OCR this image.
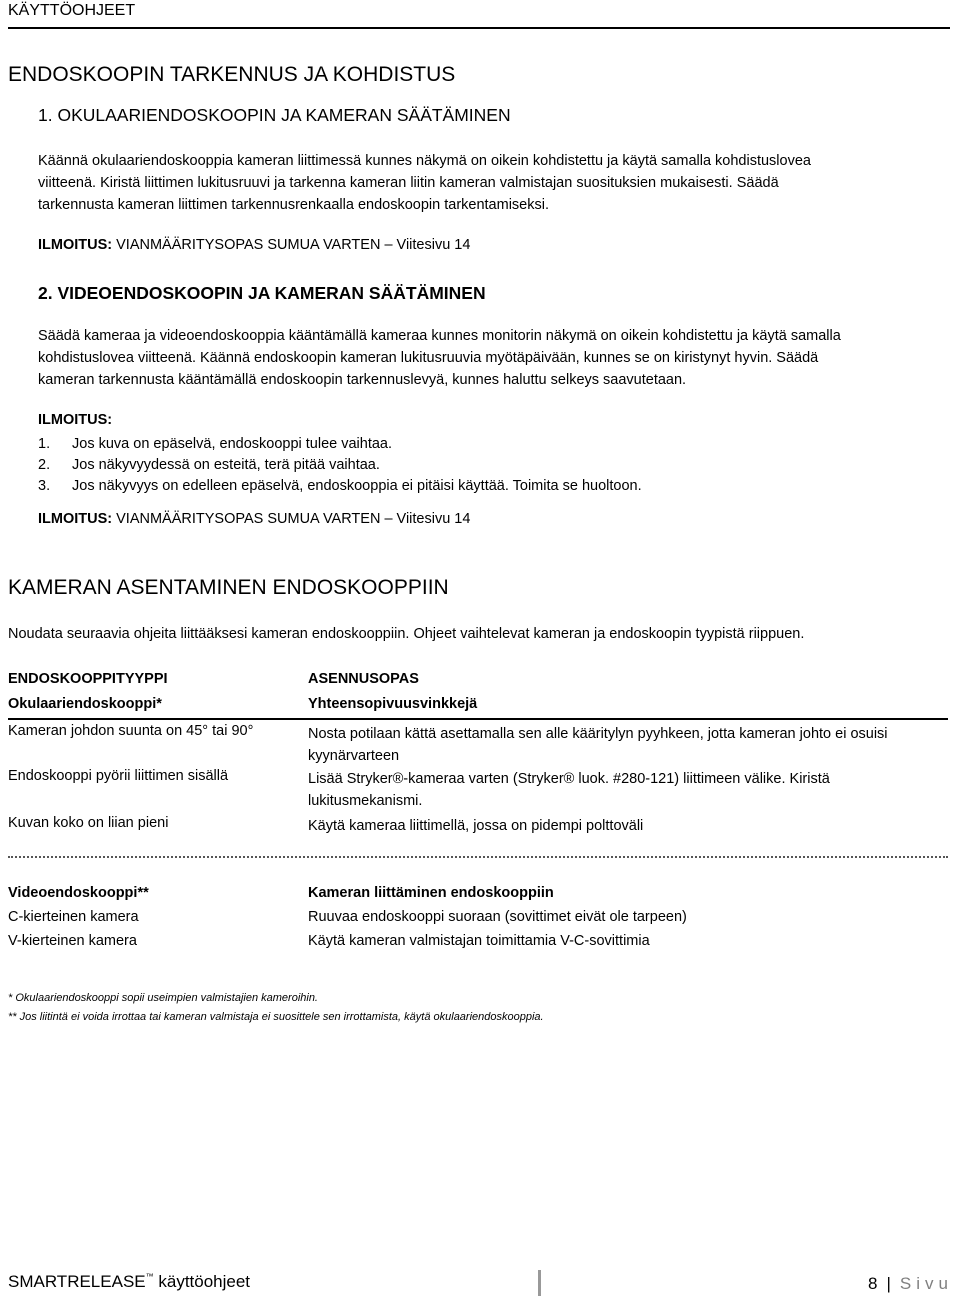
KÄYTTÖOHJEET
ENDOSKOOPIN TARKENNUS JA KOHDISTUS
1. OKULAARIENDOSKOOPIN JA KAMERAN SÄÄTÄMINEN
Käännä okulaariendoskooppia kameran liittimessä kunnes näkymä on oikein kohdistettu ja käytä samalla kohdistuslovea
viitteenä. Kiristä liittimen lukitusruuvi ja tarkenna kameran liitin kameran valmistajan suosituksien mukaisesti. Säädä
tarkennusta kameran liittimen tarkennusrenkaalla endoskoopin tarkentamiseksi.
ILMOITUS: VIANMÄÄRITYSOPAS SUMUA VARTEN – Viitesivu 14
2. VIDEOENDOSKOOPIN JA KAMERAN SÄÄTÄMINEN
Säädä kameraa ja videoendoskooppia kääntämällä kameraa kunnes monitorin näkymä on oikein kohdistettu ja käytä samalla
kohdistuslovea viitteenä. Käännä endoskoopin kameran lukitusruuvia myötäpäivään, kunnes se on kiristynyt hyvin. Säädä
kameran tarkennusta kääntämällä endoskoopin tarkennuslevyä, kunnes haluttu selkeys saavutetaan.
ILMOITUS:
1. Jos kuva on epäselvä, endoskooppi tulee vaihtaa.
2. Jos näkyvyydessä on esteitä, terä pitää vaihtaa.
3. Jos näkyvyys on edelleen epäselvä, endoskooppia ei pitäisi käyttää. Toimita se huoltoon.
ILMOITUS: VIANMÄÄRITYSOPAS SUMUA VARTEN – Viitesivu 14
KAMERAN ASENTAMINEN ENDOSKOOPPIIN
Noudata seuraavia ohjeita liittääksesi kameran endoskooppiin. Ohjeet vaihtelevat kameran ja endoskoopin tyypistä riippuen.
ENDOSKOOPPITYYPPI	ASENNUSOPAS
Okulaariendoskooppi*	Yhteensopivuusvinkkejä
Kameran johdon suunta on 45° tai 90°	Nosta potilaan kättä asettamalla sen alle kääritylyn pyyhkeen, jotta kameran johto ei osuisi kyynärvarteen
Endoskooppi pyörii liittimen sisällä	Lisää Stryker®-kameraa varten (Stryker® luok. #280-121) liittimeen välike. Kiristä lukitusmekanismi.
Kuvan koko on liian pieni	Käytä kameraa liittimellä, jossa on pidempi polttoväli
Videoendoskooppi**	Kameran liittäminen endoskooppiin
C-kierteinen kamera	Ruuvaa endoskooppi suoraan (sovittimet eivät ole tarpeen)
V-kierteinen kamera	Käytä kameran valmistajan toimittamia V-C-sovittimia
* Okulaariendoskooppi sopii useimpien valmistajien kameroihin.
** Jos liitintä ei voida irrottaa tai kameran valmistaja ei suosittele sen irrottamista, käytä okulaariendoskooppia.
SMARTRELEASE™ käyttöohjeet	8 | Sivu
